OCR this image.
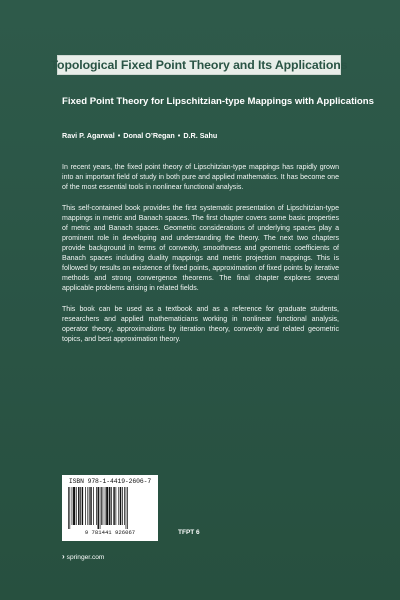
Topological Fixed Point Theory and Its Applications
Fixed Point Theory for Lipschitzian-type Mappings with Applications
Ravi P. Agarwal • Donal O’Regan • D.R. Sahu

In recent years, the fixed point theory of Lipschitzian-type mappings has rapidly grown into an important field of study in both pure and applied mathematics. It has become one of the most essential tools in nonlinear functional analysis.

This self-contained book provides the first systematic presentation of Lipschitzian-type mappings in metric and Banach spaces. The first chapter covers some basic properties of metric and Banach spaces. Geometric considerations of underlying spaces play a prominent role in developing and understanding the theory. The next two chapters provide background in terms of convexity, smoothness and geometric coefficients of Banach spaces including duality mappings and metric projection mappings. This is followed by results on existence of fixed points, approximation of fixed points by iterative methods and strong convergence theorems. The final chapter explores several applicable problems arising in related fields.

This book can be used as a textbook and as a reference for graduate students, researchers and applied mathematicians working in nonlinear functional analysis, operator theory, approximations by iteration theory, convexity and related geometric topics, and best approximation theory.

ISBN 978-1-4419-2606-7
9 781441 926067	TFPT 6
› springer.com
